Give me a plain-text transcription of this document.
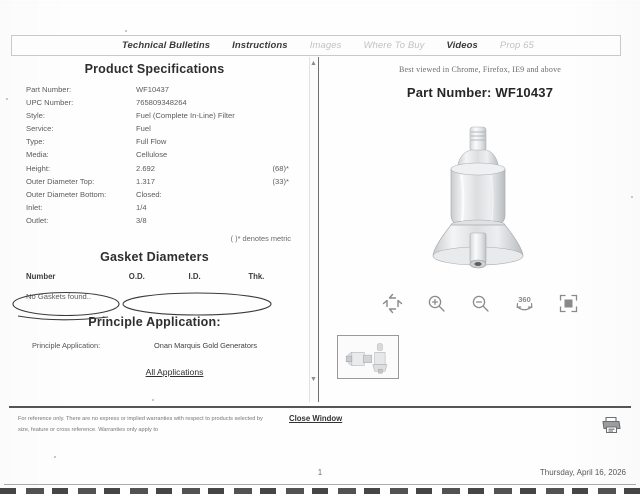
Technical Bulletins Instructions Images Where To Buy Videos Prop 65
Product Specifications
Part Number:	WF10437	
UPC Number:	765809348264	
Style:	Fuel (Complete In-Line) Filter	
Service:	Fuel	
Type:	Full Flow	
Media:	Cellulose	
Height:	2.692	(68)*
Outer Diameter Top:	1.317	(33)*
Outer Diameter Bottom:	Closed:	
Inlet:	1/4	
Outlet:	3/8	
( )* denotes metric
Gasket Diameters
Number	O.D.	I.D.	Thk.
No Gaskets found..
Principle Application:
Principle Application:	Onan Marquis Gold Generators
All Applications
▲
▼
Best viewed in Chrome, Firefox, IE9 and above
Part Number: WF10437
360
For reference only. There are no express or implied warranties with respect to products selected by size, feature or cross reference. Warranties only apply to
Close Window
1	Thursday, April 16, 2026
